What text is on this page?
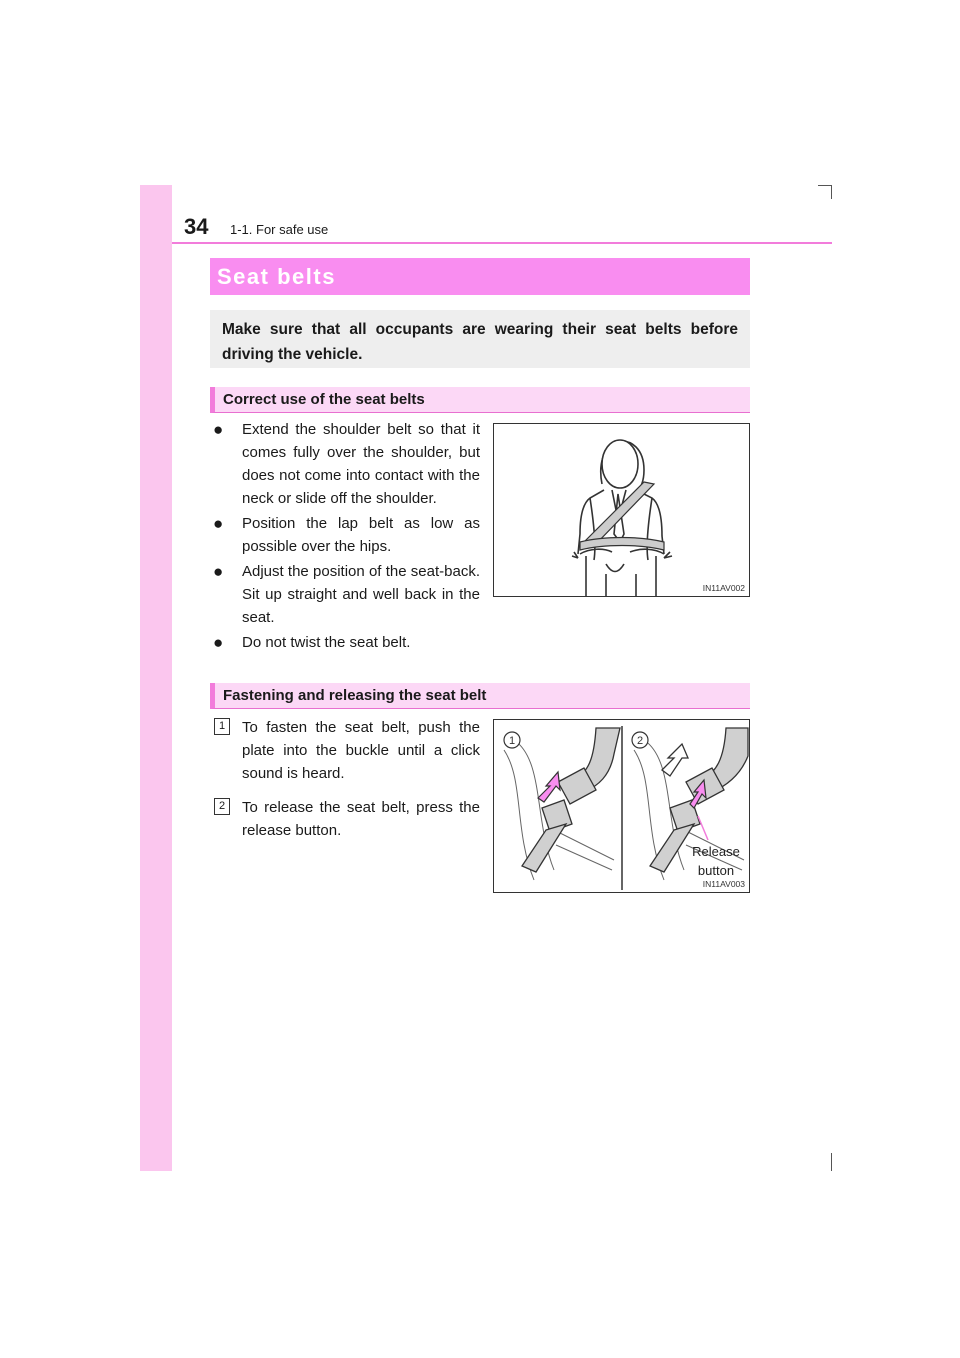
34 1-1. For safe use
Seat belts
Make sure that all occupants are wearing their seat belts before driving the vehicle.
Correct use of the seat belts
● Extend the shoulder belt so that it comes fully over the shoulder, but does not come into contact with the neck or slide off the shoulder.
● Position the lap belt as low as possible over the hips.
● Adjust the position of the seat-back. Sit up straight and well back in the seat.
● Do not twist the seat belt.
IN11AV002
Fastening and releasing the seat belt
1	To fasten the seat belt, push the plate into the buckle until a click sound is heard.
2	To release the seat belt, press the release button.
1	2
IN11AV003
Release
button
